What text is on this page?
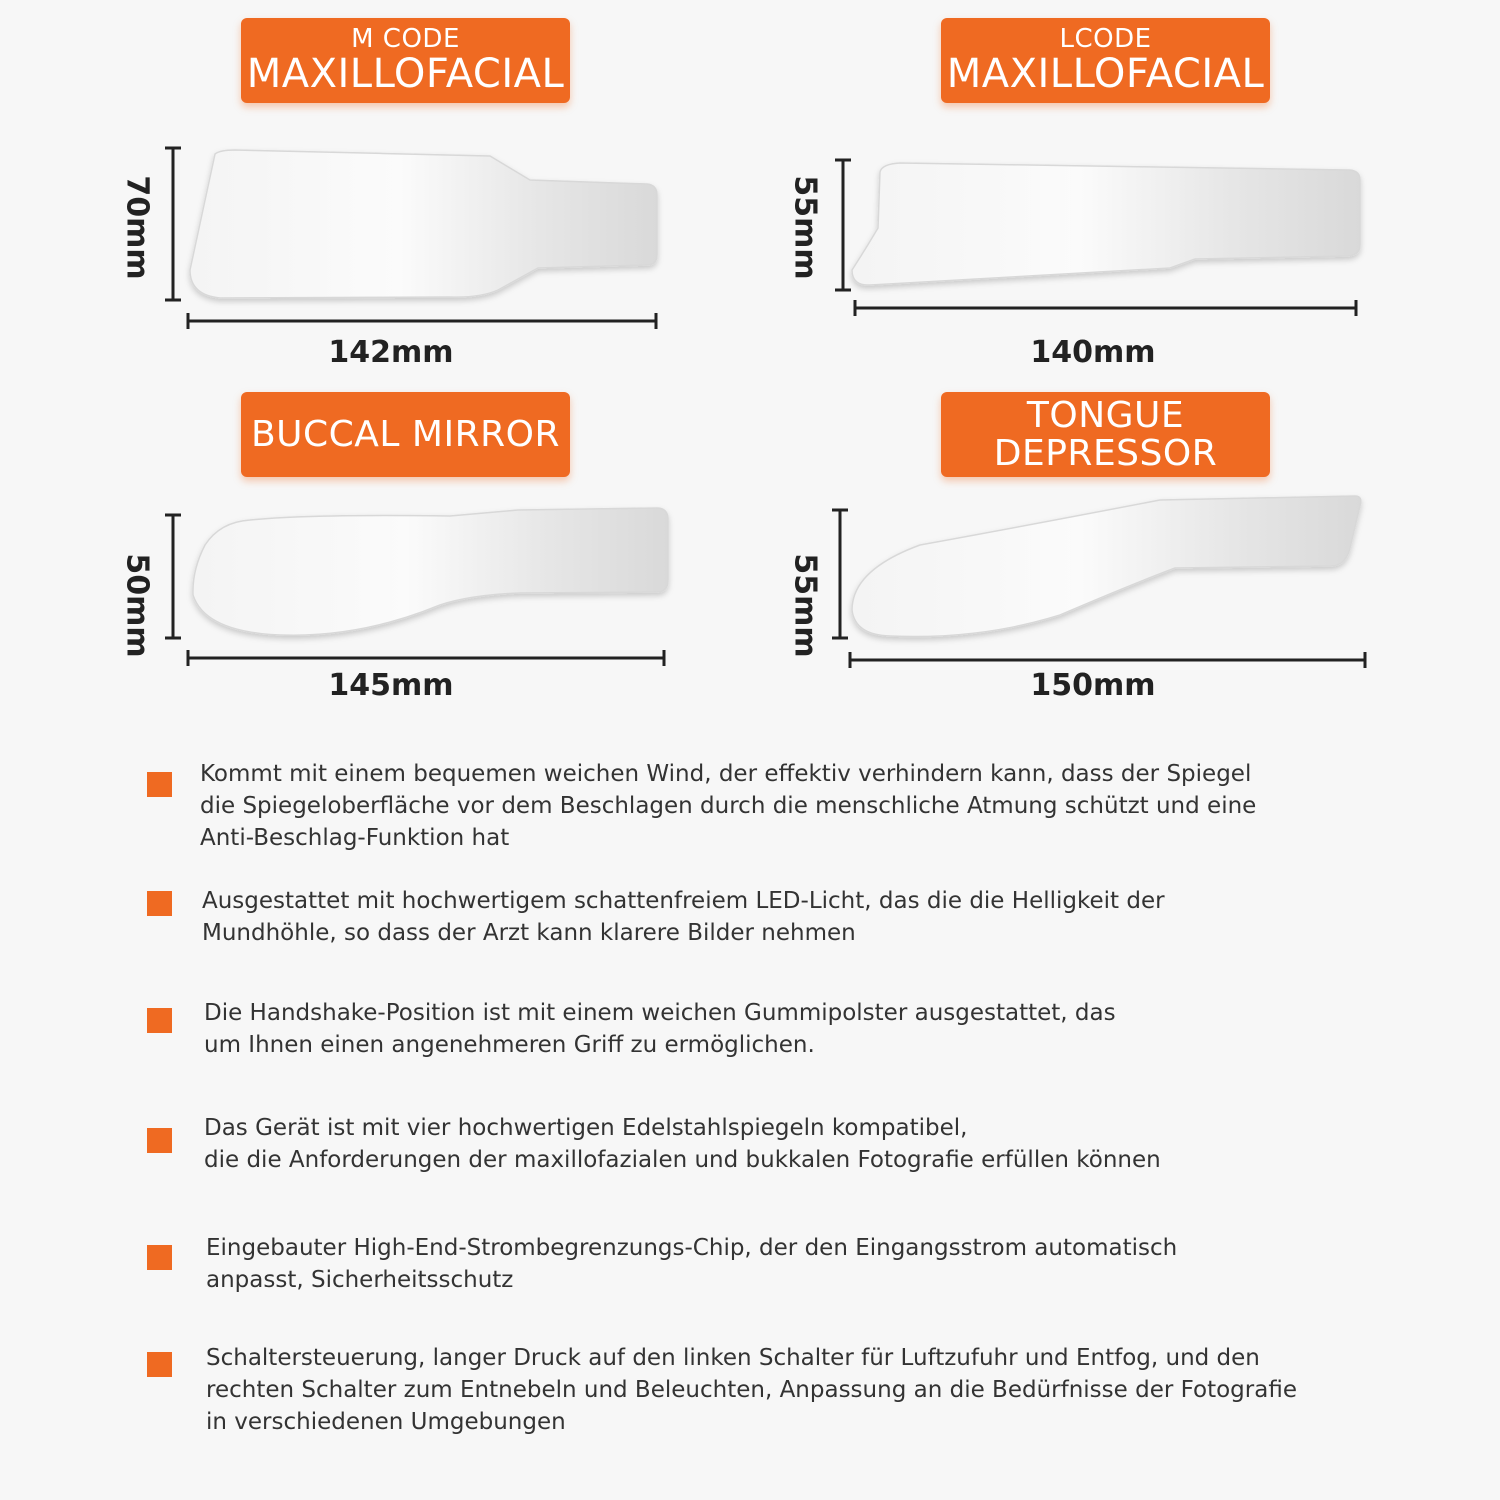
M CODE
MAXILLOFACIAL
70mm
142mm
LCODE
MAXILLOFACIAL
55mm
140mm
BUCCAL MIRROR
50mm
145mm
TONGUE
DEPRESSOR
55mm
150mm
Kommt mit einem bequemen weichen Wind, der effektiv verhindern kann, dass der Spiegel
die Spiegeloberfläche vor dem Beschlagen durch die menschliche Atmung schützt und eine
Anti-Beschlag-Funktion hat
Ausgestattet mit hochwertigem schattenfreiem LED-Licht, das die die Helligkeit der
Mundhöhle, so dass der Arzt kann klarere Bilder nehmen
Die Handshake-Position ist mit einem weichen Gummipolster ausgestattet, das
um Ihnen einen angenehmeren Griff zu ermöglichen.
Das Gerät ist mit vier hochwertigen Edelstahlspiegeln kompatibel,
die die Anforderungen der maxillofazialen und bukkalen Fotografie erfüllen können
Eingebauter High-End-Strombegrenzungs-Chip, der den Eingangsstrom automatisch
anpasst, Sicherheitsschutz
Schaltersteuerung, langer Druck auf den linken Schalter für Luftzufuhr und Entfog, und den
rechten Schalter zum Entnebeln und Beleuchten, Anpassung an die Bedürfnisse der Fotografie
in verschiedenen Umgebungen
